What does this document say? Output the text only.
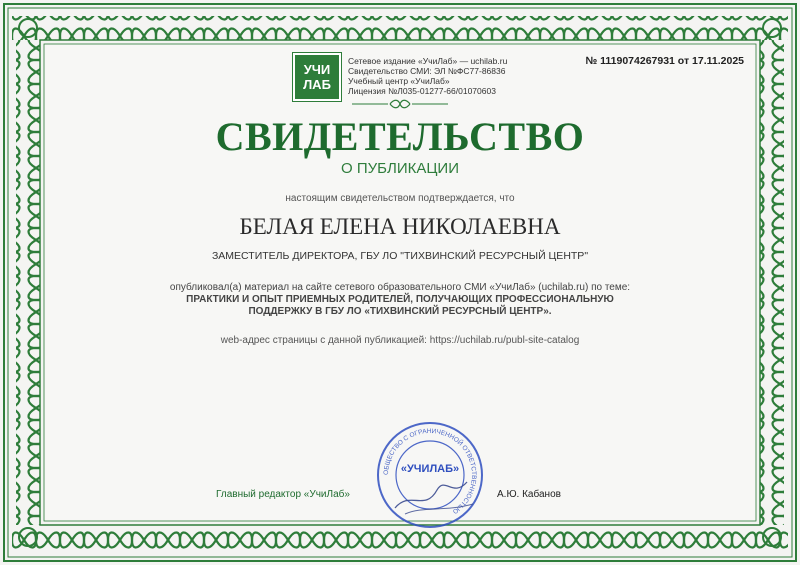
УЧИ
ЛАБ
Сетевое издание «УчиЛаб» — uchilab.ru
Свидетельство СМИ: ЭЛ №ФС77-86836
Учебный центр «УчиЛаб»
Лицензия №Л035-01277-66/01070603
№ 1119074267931 от 17.11.2025
СВИДЕТЕЛЬСТВО
О ПУБЛИКАЦИИ
настоящим свидетельством подтверждается, что
БЕЛАЯ ЕЛЕНА НИКОЛАЕВНА
ЗАМЕСТИТЕЛЬ ДИРЕКТОРА, ГБУ ЛО "ТИХВИНСКИЙ РЕСУРСНЫЙ ЦЕНТР"
опубликовал(а) материал на сайте сетевого образовательного СМИ «УчиЛаб» (uchilab.ru) по теме:
ПРАКТИКИ И ОПЫТ ПРИЕМНЫХ РОДИТЕЛЕЙ, ПОЛУЧАЮЩИХ ПРОФЕССИОНАЛЬНУЮ
ПОДДЕРЖКУ В ГБУ ЛО «ТИХВИНСКИЙ РЕСУРСНЫЙ ЦЕНТР».
web-адрес страницы с данной публикацией: https://uchilab.ru/publ-site-catalog
Главный редактор «УчиЛаб»
ОБЩЕСТВО С ОГРАНИЧЕННОЙ ОТВЕТСТВЕННОСТЬЮ
«УЧИЛАБ»
А.Ю. Кабанов
